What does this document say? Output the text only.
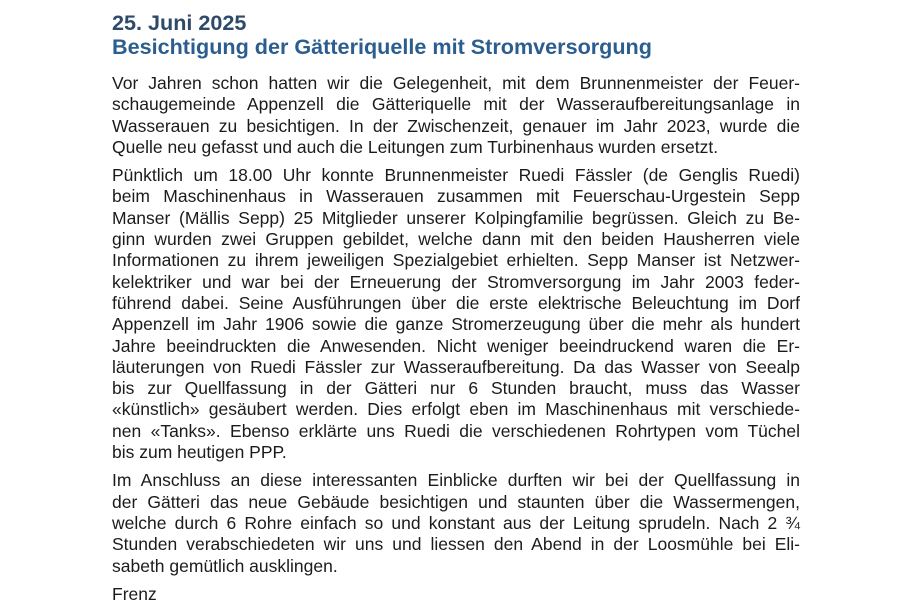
25. Juni 2025
Besichtigung der Gätteriquelle mit Stromversorgung
Vor Jahren schon hatten wir die Gelegenheit, mit dem Brunnenmeister der Feuer-
schaugemeinde Appenzell die Gätteriquelle mit der Wasseraufbereitungsanlage in
Wasserauen zu besichtigen. In der Zwischenzeit, genauer im Jahr 2023, wurde die
Quelle neu gefasst und auch die Leitungen zum Turbinenhaus wurden ersetzt.
Pünktlich um 18.00 Uhr konnte Brunnenmeister Ruedi Fässler (de Genglis Ruedi)
beim Maschinenhaus in Wasserauen zusammen mit Feuerschau-Urgestein Sepp
Manser (Mällis Sepp) 25 Mitglieder unserer Kolpingfamilie begrüssen. Gleich zu Be-
ginn wurden zwei Gruppen gebildet, welche dann mit den beiden Hausherren viele
Informationen zu ihrem jeweiligen Spezialgebiet erhielten. Sepp Manser ist Netzwer-
kelektriker und war bei der Erneuerung der Stromversorgung im Jahr 2003 feder-
führend dabei. Seine Ausführungen über die erste elektrische Beleuchtung im Dorf
Appenzell im Jahr 1906 sowie die ganze Stromerzeugung über die mehr als hundert
Jahre beeindruckten die Anwesenden. Nicht weniger beeindruckend waren die Er-
läuterungen von Ruedi Fässler zur Wasseraufbereitung. Da das Wasser von Seealp
bis zur Quellfassung in der Gätteri nur 6 Stunden braucht, muss das Wasser
«künstlich» gesäubert werden. Dies erfolgt eben im Maschinenhaus mit verschiede-
nen «Tanks». Ebenso erklärte uns Ruedi die verschiedenen Rohrtypen vom Tüchel
bis zum heutigen PPP.
Im Anschluss an diese interessanten Einblicke durften wir bei der Quellfassung in
der Gätteri das neue Gebäude besichtigen und staunten über die Wassermengen,
welche durch 6 Rohre einfach so und konstant aus der Leitung sprudeln. Nach 2 ¾
Stunden verabschiedeten wir uns und liessen den Abend in der Loosmühle bei Eli-
sabeth gemütlich ausklingen.
Frenz
